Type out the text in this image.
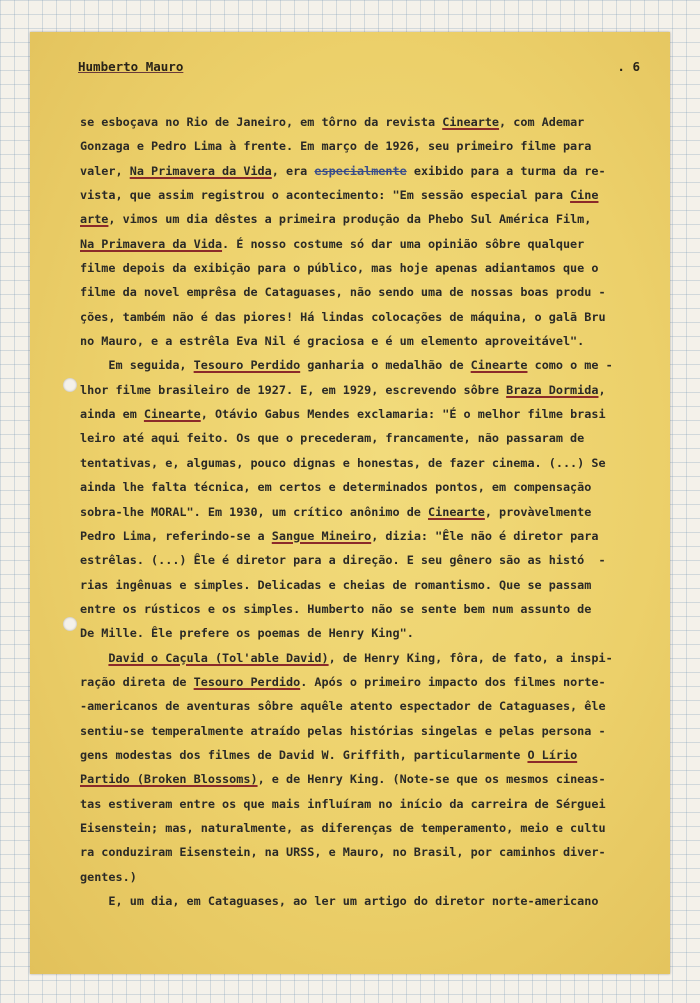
Humberto Mauro	. 6
se esboçava no Rio de Janeiro, em tôrno da revista Cinearte, com Ademar
Gonzaga e Pedro Lima à frente. Em março de 1926, seu primeiro filme para
valer, Na Primavera da Vida, era especialmente exibido para a turma da re-
vista, que assim registrou o acontecimento: "Em sessão especial para Cine
arte, vimos um dia dêstes a primeira produção da Phebo Sul América Film,
Na Primavera da Vida. É nosso costume só dar uma opinião sôbre qualquer
filme depois da exibição para o público, mas hoje apenas adiantamos que o
filme da novel emprêsa de Cataguases, não sendo uma de nossas boas produ -
ções, também não é das piores! Há lindas colocações de máquina, o galã Bru
no Mauro, e a estrêla Eva Nil é graciosa e é um elemento aproveitável".
Em seguida, Tesouro Perdido ganharia o medalhão de Cinearte como o me -
lhor filme brasileiro de 1927. E, em 1929, escrevendo sôbre Braza Dormida,
ainda em Cinearte, Otávio Gabus Mendes exclamaria: "É o melhor filme brasi
leiro até aqui feito. Os que o precederam, francamente, não passaram de
tentativas, e, algumas, pouco dignas e honestas, de fazer cinema. (...) Se
ainda lhe falta técnica, em certos e determinados pontos, em compensação
sobra-lhe MORAL". Em 1930, um crítico anônimo de Cinearte, provàvelmente
Pedro Lima, referindo-se a Sangue Mineiro, dizia: "Êle não é diretor para
estrêlas. (...) Êle é diretor para a direção. E seu gênero são as histó  -
rias ingênuas e simples. Delicadas e cheias de romantismo. Que se passam
entre os rústicos e os simples. Humberto não se sente bem num assunto de
De Mille. Êle prefere os poemas de Henry King".
David o Caçula (Tol'able David), de Henry King, fôra, de fato, a inspi-
ração direta de Tesouro Perdido. Após o primeiro impacto dos filmes norte-
-americanos de aventuras sôbre aquêle atento espectador de Cataguases, êle
sentiu-se temperalmente atraído pelas histórias singelas e pelas persona -
gens modestas dos filmes de David W. Griffith, particularmente O Lírio
Partido (Broken Blossoms), e de Henry King. (Note-se que os mesmos cineas-
tas estiveram entre os que mais influíram no início da carreira de Sérguei
Eisenstein; mas, naturalmente, as diferenças de temperamento, meio e cultu
ra conduziram Eisenstein, na URSS, e Mauro, no Brasil, por caminhos diver-
gentes.)
E, um dia, em Cataguases, ao ler um artigo do diretor norte-americano
